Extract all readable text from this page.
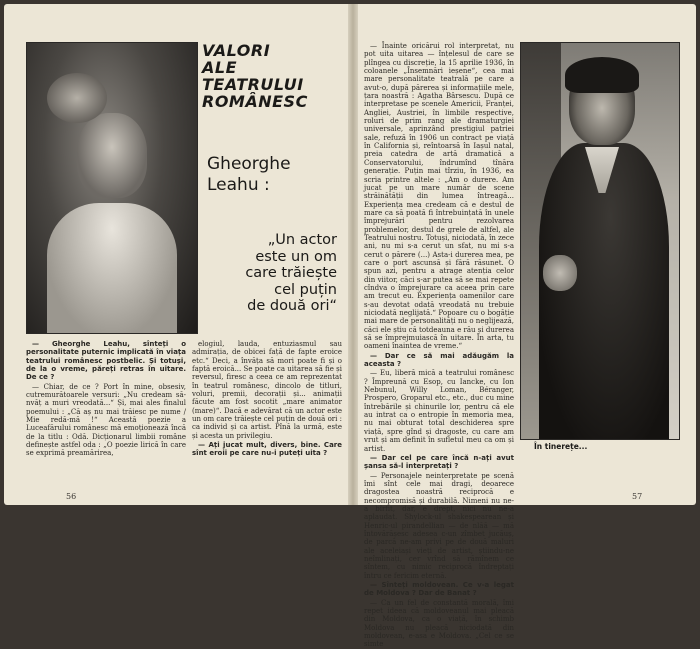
VALORI
ALE
TEATRULUI
ROMÂNESC
Gheorghe Leahu :
„Un actor
este un om
care trăiește
cel puțin
de două ori“

— Gheorghe Leahu, sînteți o personalitate puternic implicată în viața teatrului românesc postbelic. Și totuși, de la o vreme, păreți retras în uitare. De ce ?

— Chiar, de ce ? Port în mine, obsesiv, cutremurătoarele versuri: „Nu credeam să-nvăț a muri vreodată...“ Și, mai ales finalul poemului : „Că aș nu mai trăiesc pe nume / Mie redă-mă !“ Această poezie a Luceafărului românesc mă emoționează încă de la titlu : Odă. Dicționarul limbii române definește astfel oda : „O poezie lirică în care se exprimă preamărirea,

elogiul, lauda, entuziasmul sau admirația, de obicei față de fapte eroice etc.“ Deci, a învăța să mori poate fi și o faptă eroică... Se poate ca uitarea să fie și reversul, firesc a ceea ce am reprezentat în teatrul românesc, dincolo de titluri, voluri, premii, decorații și... animații făcute am fost socotit „mare animator (mare)“. Dacă e adevărat că un actor este un om care trăiește cel puțin de două ori : ca individ și ca artist. Pînă la urmă, este și acesta un privilegiu.

— Ați jucat mult, divers, bine. Care sînt eroii pe care nu-i puteți uita ?

56

— Înainte oricărui rol interpretat, nu pot uita uitarea — înțelesul de care se plîngea cu discreție, la 15 aprilie 1936, în coloanele „Însemnări ieșene“, cea mai mare personalitate teatrală pe care a avut-o, după părerea și informațiile mele, țara noastră : Agatha Bârsescu. După ce interpretase pe scenele Americii, Franței, Angliei, Austriei, în limbile respective, roluri de prim rang ale dramaturgiei universale, aprinzând prestigiul patriei sale, refuză în 1906 un contract pe viață în California și, reîntoarsă în Iașul natal, preia catedra de artă dramatică a Conservatorului, îndrumînd tînăra generație. Puțin mai tîrziu, în 1936, ea scria printre altele : „Am o durere. Am jucat pe un mare număr de scene străinătății din lumea întreagă... Experiența mea credeam că e destul de mare ca să poată fi întrebuințată în unele împrejurări pentru rezolvarea problemelor, destul de grele de altfel, ale Teatrului nostru. Totuși, niciodată, în zece ani, nu mi s-a cerut un sfat, nu mi s-a cerut o părere (...) Asta-i durerea mea, pe care o port ascunsă și fără răsunet. O spun azi, pentru a atrage atenția celor din viitor, căci s-ar putea să se mai repete cîndva o împrejurare ca aceea prin care am trecut eu. Experiența oamenilor care s-au devotat odată vreodată nu trebuie niciodată neglijată.“ Popoare cu o bogăție mai mare de personalități nu o neglijează, căci ele știu că totdeauna e rău și durerea să se împrejmuiască în uitare. În arta, tu oameni înaintea de vreme.“

— Dar ce să mai adăugăm la aceasta ?

— Eu, liberă mică a teatrului românesc ? Împreună cu Esop, cu Iancke, cu Ion Nebunul, Willy Loman, Béranger, Prospero, Groparul etc., etc., duc cu mine întrebările și chinurile lor, pentru că ele au intrat ca o entropie în memoria mea, nu mai obturat total deschiderea spre viață, spre gînd și dragoste, cu care am vrut și am definit în sufletul meu ca om și artist.

— Dar cel pe care încă n-ați avut șansa să-l interpretați ?

— Personajele neinterpretate pe scenă îmi sînt cele mai dragi, deoarece dragostea noastră reciprocă e necompromisă și durabilă. Nimeni nu ne-a bîrfit, dar, e drept, nici nu ne-a aplaudat. Shylock-ul shakespearean și Henric-ul pirandellian — de nlăă — mă întovărășesc adesea c-un zîmbet jucăuș, de parcă ne-am privi pe de două maluri ale aceleiași vieți de artist, știindu-ne neîmlinați, cer vrînd să rămînem ce sîntem, cu nimic reciprocă îndreptați întru ce fericim eternă.

— Sînteți moldovean. Ce v-a legat de Moldova ? Dar de Banat ?

— Ca un fel de constantă morală, îmi repet ideea că moldoveanul mai pleacă din Moldova, ca o viață, în schimb Moldova nu pleacă niciodată din moldovean, e-asa e Moldova. „Cel ce se simte

În tinerețe...
57
